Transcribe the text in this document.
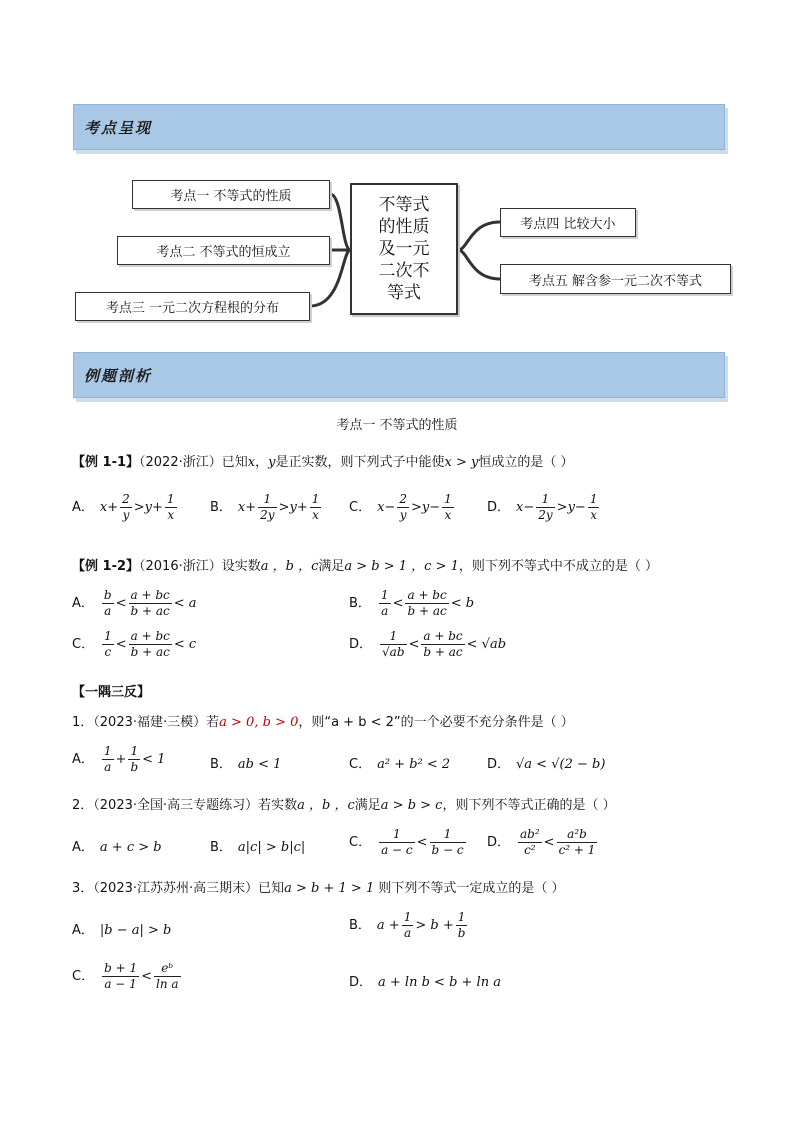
考点呈现
考点一 不等式的性质
考点二 不等式的恒成立
考点三 一元二次方程根的分布
不等式的性质及一元二次不等式
考点四 比较大小
考点五 解含参一元二次不等式
例题剖析
考点一 不等式的性质
【例 1-1】（2022·浙江）已知x，y是正实数，则下列式子中能使x > y恒成立的是（ ）
A． $x+ \frac{2}{y} >y+ \frac{1}{x}$	B． $x+ \frac{1}{2y} >y+ \frac{1}{x}$ C． $x- \frac{2}{y} >y- \frac{1}{x}$	D． $x- \frac{1}{2y} >y- \frac{1}{x}$
【例 1-2】（2016·浙江）设实数a ，b ，c满足a > b > 1 ，c > 1，则下列不等式中不成立的是（ ）
A． $\frac{b}{a} < \frac{a + bc}{b + ac} < a$	B． $\frac{1}{a} < \frac{a + bc}{b + ac} < b$
C． $\frac{1}{c} < \frac{a + bc}{b + ac} < c$	D． $\frac{1}{√ab} < \frac{a + bc}{b + ac} < √ab$
【一隅三反】
1．（2023·福建·三模）若a > 0, b > 0，则“a + b < 2”的一个必要不充分条件是（ ）
A． $\frac{1}{a} + \frac{1}{b} < 1$	B． ab < 1	C． a² + b² < 2	D． √a < √(2 − b)
2．（2023·全国·高三专题练习）若实数a ，b ，c满足a > b > c，则下列不等式正确的是（ ）
A． a + c > b	B． a|c| > b|c|	C． $\frac{1}{a - c} < \frac{1}{b - c}$ D． $\frac{\text{ab²}}{\text{c²}} < \frac{\text{a²b}}{\text{c² + 1}}$
3．（2023·江苏苏州·高三期末）已知a > b + 1 > 1 则下列不等式一定成立的是（ ）
A． |b − a| > b	B． $a + \frac{1}{a} > b + \frac{1}{b}$
C． $\frac{b + 1}{a - 1} < \frac{\text{eᵇ}}{\text{ln a}}$	D． a + ln b < b + ln a
